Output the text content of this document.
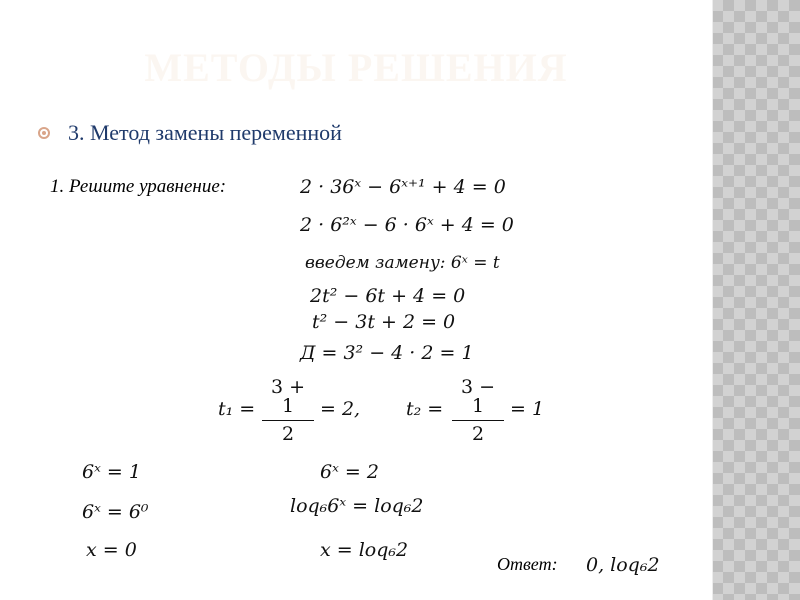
МЕТОДЫ РЕШЕНИЯ
3. Метод замены переменной
1. Решите уравнение:	2 · 36ˣ − 6ˣ⁺¹ + 4 = 0
2 · 6²ˣ − 6 · 6ˣ + 4 = 0
введем замену: 6ˣ = t
2t² − 6t + 4 = 0
t² − 3t + 2 = 0
Д = 3² − 4 · 2 = 1
$t_1 = \frac{3 + 1}{2} = 2$, $t_2 = \frac{3 - 1}{2} = 1$
6ˣ = 1
6ˣ = 6⁰
x = 0
6ˣ = 2
loq₆6ˣ = loq₆2
x = loq₆2
Ответ: 0, loq₆2
